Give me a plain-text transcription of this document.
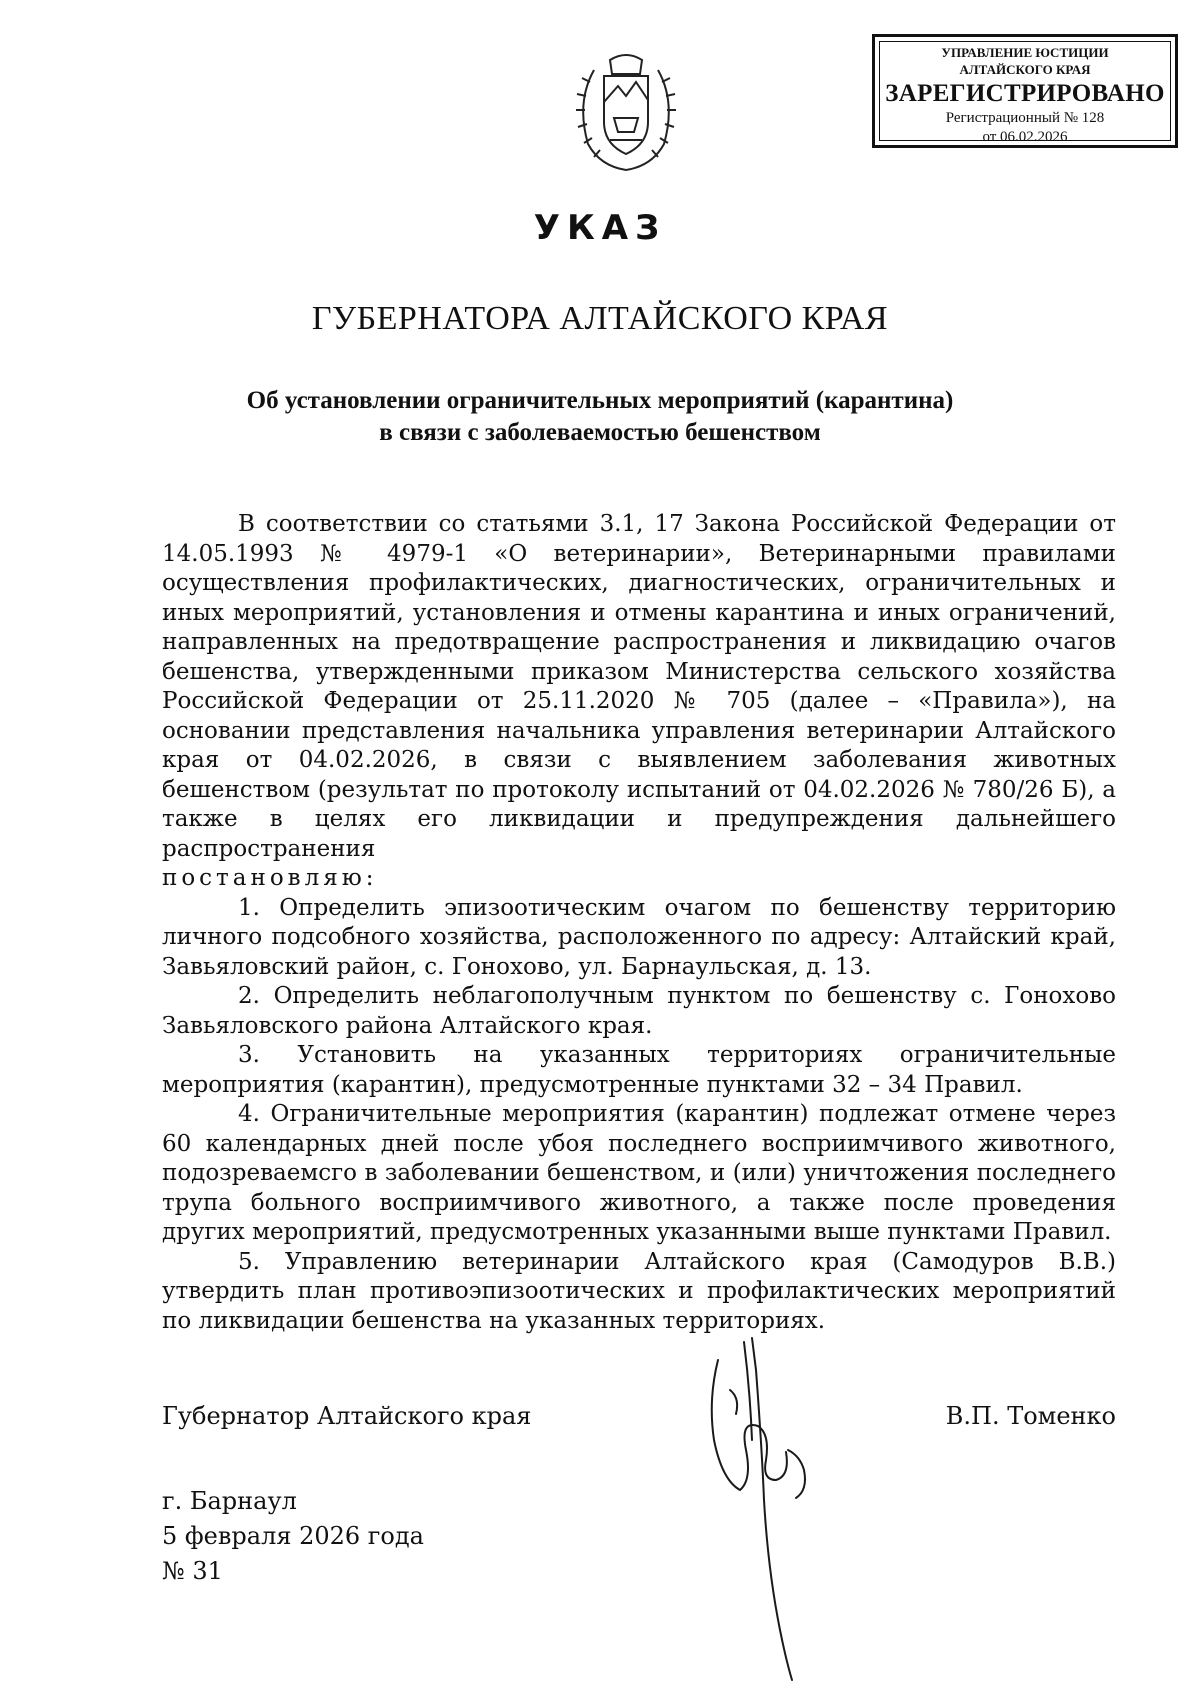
УПРАВЛЕНИЕ ЮСТИЦИИ
АЛТАЙСКОГО КРАЯ
ЗАРЕГИСТРИРОВАНО
Регистрационный № 128
от 06.02.2026
УКАЗ
ГУБЕРНАТОРА АЛТАЙСКОГО КРАЯ
Об установлении ограничительных мероприятий (карантина)
в связи с заболеваемостью бешенством

В соответствии со статьями 3.1, 17 Закона Российской Федерации от 14.05.1993 № 4979-1 «О ветеринарии», Ветеринарными правилами осуществления профилактических, диагностических, ограничительных и иных мероприятий, установления и отмены карантина и иных ограничений, направленных на предотвращение распространения и ликвидацию очагов бешенства, утвержденными приказом Министерства сельского хозяйства Российской Федерации от 25.11.2020 № 705 (далее – «Правила»), на основании представления начальника управления ветеринарии Алтайского края от 04.02.2026, в связи с выявлением заболевания животных бешенством (результат по протоколу испытаний от 04.02.2026 № 780/26 Б), а также в целях его ликвидации и предупреждения дальнейшего распространения

постановляю:

1. Определить эпизоотическим очагом по бешенству территорию личного подсобного хозяйства, расположенного по адресу: Алтайский край, Завьяловский район, с. Гонохово, ул. Барнаульская, д. 13.

2. Определить неблагополучным пунктом по бешенству с. Гонохово Завьяловского района Алтайского края.

3. Установить на указанных территориях ограничительные мероприятия (карантин), предусмотренные пунктами 32 – 34 Правил.

4. Ограничительные мероприятия (карантин) подлежат отмене через 60 календарных дней после убоя последнего восприимчивого животного, подозреваемсго в заболевании бешенством, и (или) уничтожения последнего трупа больного восприимчивого животного, а также после проведения других мероприятий, предусмотренных указанными выше пунктами Правил.

5. Управлению ветеринарии Алтайского края (Самодуров В.В.) утвердить план противоэпизоотических и профилактических мероприятий по ликвидации бешенства на указанных территориях.

Губернатор Алтайского края	В.П. Томенко
г. Барнаул
5 февраля 2026 года
№ 31
